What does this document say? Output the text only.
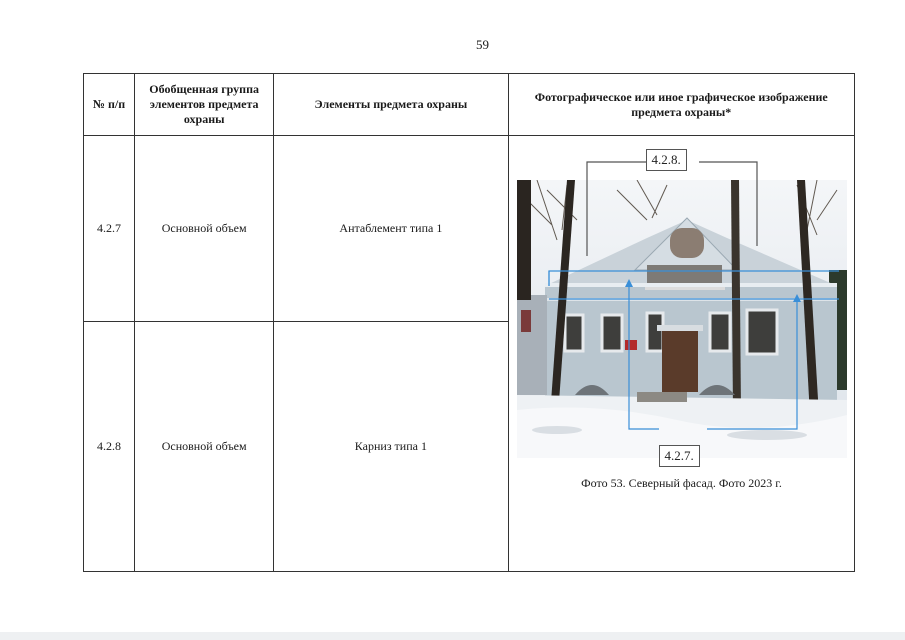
59
№ п/п	Обобщенная группа элементов предмета охраны	Элементы предмета охраны	Фотографическое или иное графическое изображение предмета охраны*
4.2.7	Основной объем	Антаблемент типа 1	4.2.8.
4.2.7.
Фото 53. Северный фасад. Фото 2023 г.

4.2.8	Основной объем	Карниз типа 1	
